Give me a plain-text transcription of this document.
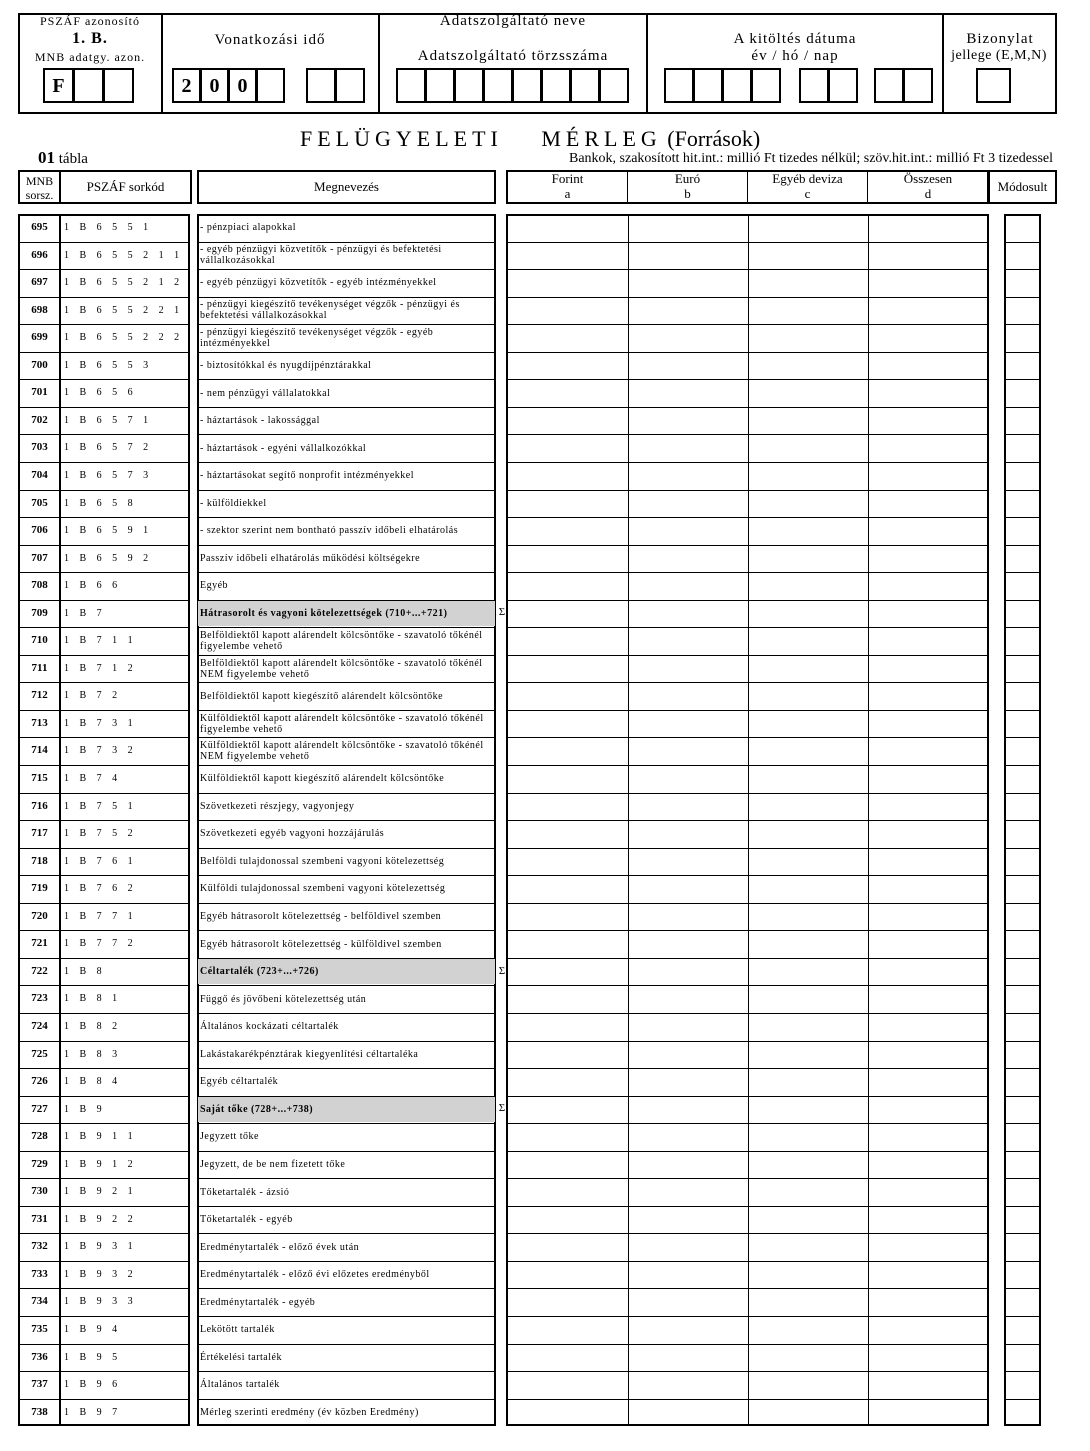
PSZÁF azonosító
1. B.
MNB adatgy. azon.
F
Vonatkozási idő
2 0 0
Adatszolgáltató neve
Adatszolgáltató törzsszáma
A kitöltés dátuma
év / hó / nap
Bizonylat
jellege (E,M,N)
FELÜGYELETI MÉRLEG (Források)
01 tábla	Bankok, szakosított hit.int.: millió Ft tizedes nélkül; szöv.hit.int.: millió Ft 3 tizedessel
MNB
sorsz.
PSZÁF sorkód	Megnevezés
Forint
a
Euró
b
Egyéb deviza
c
Összesen
d	Módosult
695	1 B 6 5 5 1	- pénzpiaci alapokkal
696	1 B 6 5 5 2 1 1	- egyéb pénzügyi közvetítők - pénzügyi és befektetési vállalkozásokkal
697	1 B 6 5 5 2 1 2	- egyéb pénzügyi közvetítők - egyéb intézményekkel
698	1 B 6 5 5 2 2 1	- pénzügyi kiegészítő tevékenységet végzők - pénzügyi és befektetési vállalkozásokkal
699	1 B 6 5 5 2 2 2	- pénzügyi kiegészítő tevékenységet végzők - egyéb intézményekkel
700	1 B 6 5 5 3	- biztosítókkal és nyugdíjpénztárakkal
701	1 B 6 5 6	- nem pénzügyi vállalatokkal
702	1 B 6 5 7 1	- háztartások - lakossággal
703	1 B 6 5 7 2	- háztartások - egyéni vállalkozókkal
704	1 B 6 5 7 3	- háztartásokat segítő nonprofit intézményekkel
705	1 B 6 5 8	- külföldiekkel
706	1 B 6 5 9 1	- szektor szerint nem bontható passzív időbeli elhatárolás
707	1 B 6 5 9 2	Passzív időbeli elhatárolás működési költségekre
708	1 B 6 6	Egyéb
709	1 B 7	Hátrasorolt és vagyoni kötelezettségek (710+...+721)	Σ
710	1 B 7 1 1	Belföldiektől kapott alárendelt kölcsöntőke - szavatoló tőkénél figyelembe vehető
711	1 B 7 1 2	Belföldiektől kapott alárendelt kölcsöntőke - szavatoló tőkénél NEM figyelembe vehető
712	1 B 7 2	Belföldiektől kapott kiegészítő alárendelt kölcsöntőke
713	1 B 7 3 1	Külföldiektől kapott alárendelt kölcsöntőke - szavatoló tőkénél figyelembe vehető
714	1 B 7 3 2	Külföldiektől kapott alárendelt kölcsöntőke - szavatoló tőkénél NEM figyelembe vehető
715	1 B 7 4	Külföldiektől kapott kiegészítő alárendelt kölcsöntőke
716	1 B 7 5 1	Szövetkezeti részjegy, vagyonjegy
717	1 B 7 5 2	Szövetkezeti egyéb vagyoni hozzájárulás
718	1 B 7 6 1	Belföldi tulajdonossal szembeni vagyoni kötelezettség
719	1 B 7 6 2	Külföldi tulajdonossal szembeni vagyoni kötelezettség
720	1 B 7 7 1	Egyéb hátrasorolt kötelezettség - belföldivel szemben
721	1 B 7 7 2	Egyéb hátrasorolt kötelezettség - külföldivel szemben
722	1 B 8	Céltartalék (723+...+726)	Σ
723	1 B 8 1	Függő és jövőbeni kötelezettség után
724	1 B 8 2	Általános kockázati céltartalék
725	1 B 8 3	Lakástakarékpénztárak kiegyenlítési céltartaléka
726	1 B 8 4	Egyéb céltartalék
727	1 B 9	Saját tőke (728+...+738)	Σ
728	1 B 9 1 1	Jegyzett tőke
729	1 B 9 1 2	Jegyzett, de be nem fizetett tőke
730	1 B 9 2 1	Tőketartalék - ázsió
731	1 B 9 2 2	Tőketartalék - egyéb
732	1 B 9 3 1	Eredménytartalék - előző évek után
733	1 B 9 3 2	Eredménytartalék - előző évi előzetes eredményből
734	1 B 9 3 3	Eredménytartalék - egyéb
735	1 B 9 4	Lekötött tartalék
736	1 B 9 5	Értékelési tartalék
737	1 B 9 6	Általános tartalék
738	1 B 9 7	Mérleg szerinti eredmény (év közben Eredmény)
